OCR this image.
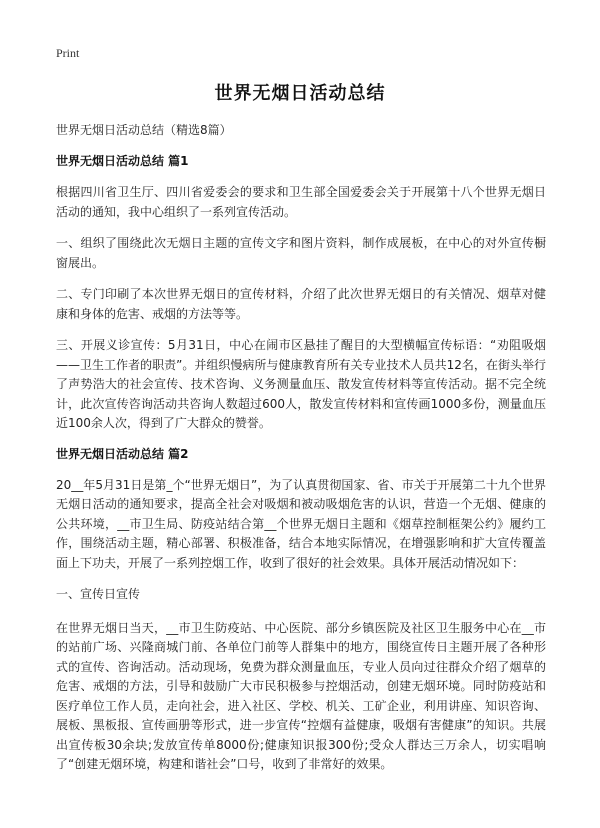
Print
世界无烟日活动总结

世界无烟日活动总结（精选8篇）

世界无烟日活动总结 篇1

根据四川省卫生厅、四川省爱委会的要求和卫生部全国爱委会关于开展第十八个世界无烟日活动的通知，我中心组织了一系列宣传活动。

一、组织了围绕此次无烟日主题的宣传文字和图片资料，制作成展板，在中心的对外宣传橱窗展出。

二、专门印刷了本次世界无烟日的宣传材料，介绍了此次世界无烟日的有关情况、烟草对健康和身体的危害、戒烟的方法等等。

三、开展义诊宣传：5月31日，中心在闹市区悬挂了醒目的大型横幅宣传标语：“劝阻吸烟——卫生工作者的职责”。并组织慢病所与健康教育所有关专业技术人员共12名，在街头举行了声势浩大的社会宣传、技术咨询、义务测量血压、散发宣传材料等宣传活动。据不完全统计，此次宣传咨询活动共咨询人数超过600人，散发宣传材料和宣传画1000多份，测量血压近100余人次，得到了广大群众的赞誉。

世界无烟日活动总结 篇2

20__年5月31日是第_个“世界无烟日”，为了认真贯彻国家、省、市关于开展第二十九个世界无烟日活动的通知要求，提高全社会对吸烟和被动吸烟危害的认识，营造一个无烟、健康的公共环境，__市卫生局、防疫站结合第__个世界无烟日主题和《烟草控制框架公约》履约工作，围绕活动主题，精心部署、积极准备，结合本地实际情况，在增强影响和扩大宣传覆盖面上下功夫，开展了一系列控烟工作，收到了很好的社会效果。具体开展活动情况如下：

一、宣传日宣传

在世界无烟日当天，__市卫生防疫站、中心医院、部分乡镇医院及社区卫生服务中心在__市的站前广场、兴隆商城门前、各单位门前等人群集中的地方，围绕宣传日主题开展了各种形式的宣传、咨询活动。活动现场，免费为群众测量血压，专业人员向过往群众介绍了烟草的危害、戒烟的方法，引导和鼓励广大市民积极参与控烟活动，创建无烟环境。同时防疫站和医疗单位工作人员，走向社会，进入社区、学校、机关、工矿企业，利用讲座、知识咨询、展板、黑板报、宣传画册等形式，进一步宣传“控烟有益健康，吸烟有害健康”的知识。共展出宣传板30余块;发放宣传单8000份;健康知识报300份;受众人群达三万余人，切实唱响了“创建无烟环境，构建和谐社会”口号，收到了非常好的效果。
